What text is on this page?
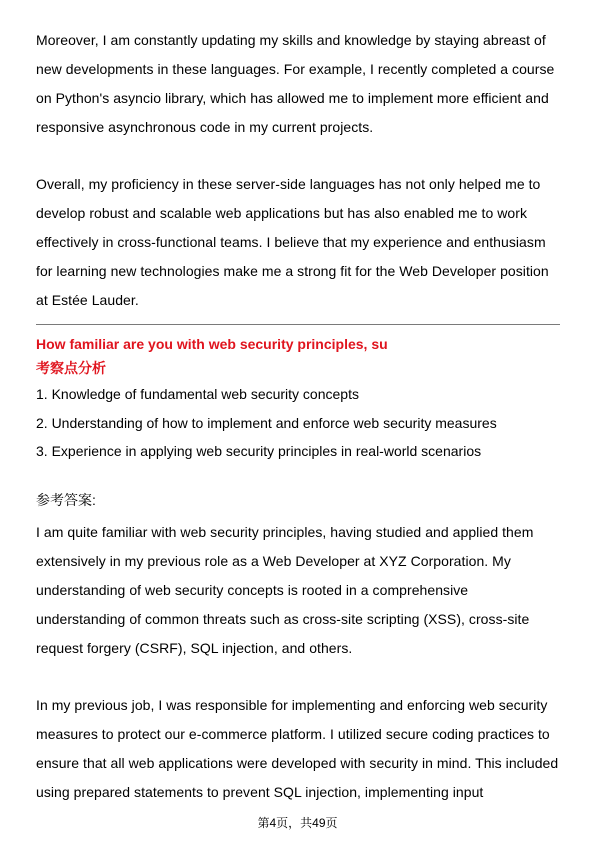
Moreover, I am constantly updating my skills and knowledge by staying abreast of new developments in these languages. For example, I recently completed a course on Python's asyncio library, which has allowed me to implement more efficient and responsive asynchronous code in my current projects.

Overall, my proficiency in these server-side languages has not only helped me to develop robust and scalable web applications but has also enabled me to work effectively in cross-functional teams. I believe that my experience and enthusiasm for learning new technologies make me a strong fit for the Web Developer position at Estée Lauder.

How familiar are you with web security principles, su

考察点分析

1. Knowledge of fundamental web security concepts
2. Understanding of how to implement and enforce web security measures
3. Experience in applying web security principles in real-world scenarios

参考答案:

I am quite familiar with web security principles, having studied and applied them extensively in my previous role as a Web Developer at XYZ Corporation. My understanding of web security concepts is rooted in a comprehensive understanding of common threats such as cross-site scripting (XSS), cross-site request forgery (CSRF), SQL injection, and others.

In my previous job, I was responsible for implementing and enforcing web security measures to protect our e-commerce platform. I utilized secure coding practices to ensure that all web applications were developed with security in mind. This included using prepared statements to prevent SQL injection, implementing input

第4页，共49页
